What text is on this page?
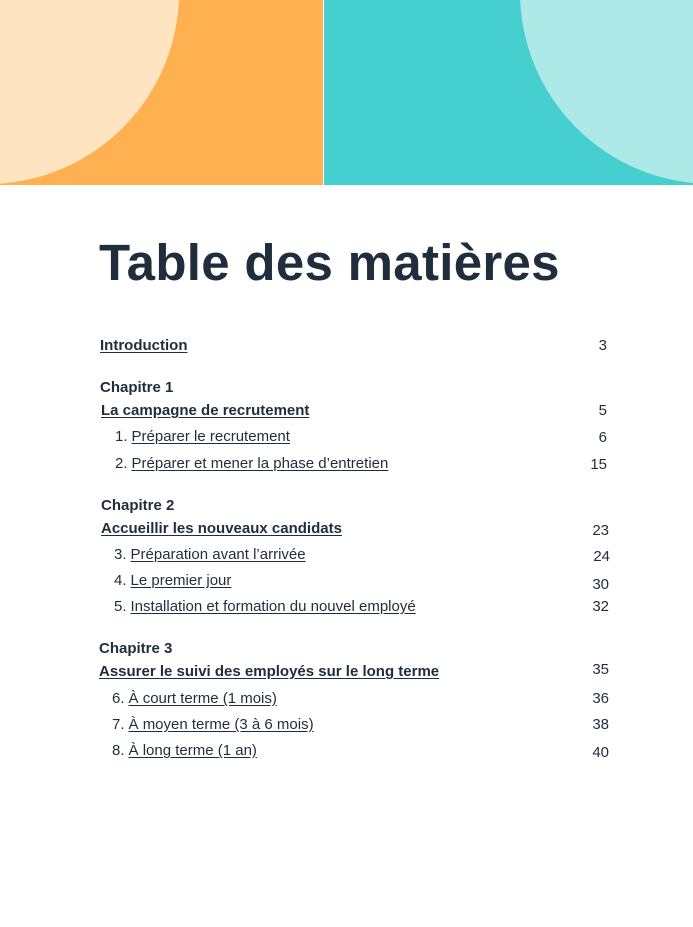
Table des matières
Introduction	3
Chapitre 1
La campagne de recrutement	5
1. Préparer le recrutement	6
2. Préparer et mener la phase d’entretien	15
Chapitre 2
Accueillir les nouveaux candidats	23
3. Préparation avant l’arrivée	24
4. Le premier jour	30
5. Installation et formation du nouvel employé	32
Chapitre 3
Assurer le suivi des employés sur le long terme	35
6. À court terme (1 mois)	36
7. À moyen terme (3 à 6 mois)	38
8. À long terme (1 an)	40
